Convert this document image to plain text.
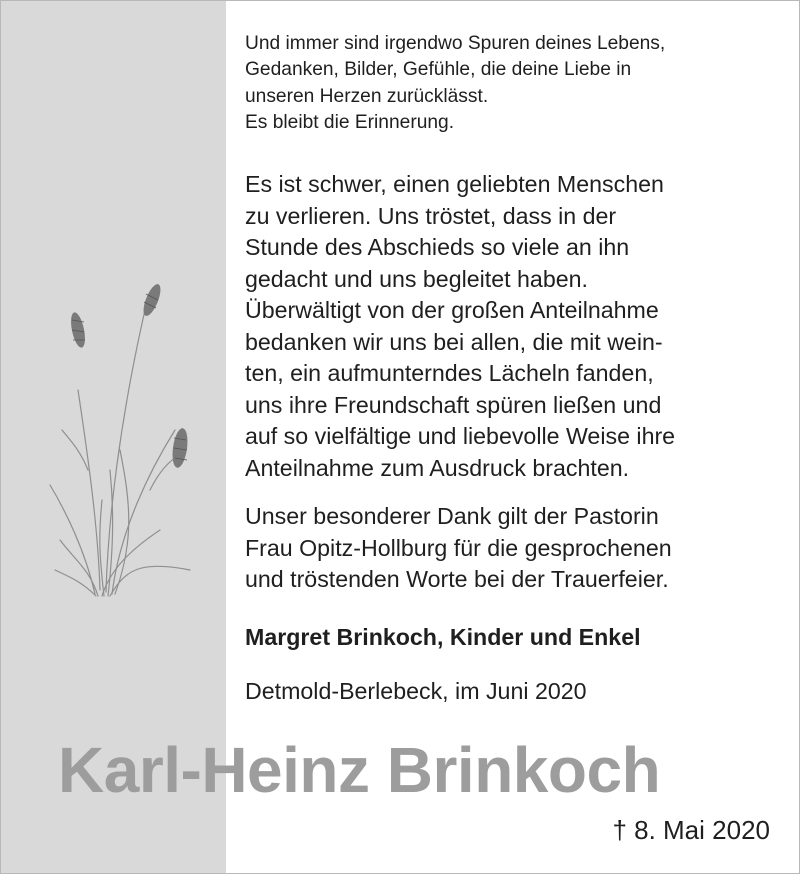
Und immer sind irgendwo Spuren deines Lebens,
Gedanken, Bilder, Gefühle, die deine Liebe in
unseren Herzen zurücklässt.
Es bleibt die Erinnerung.
Es ist schwer, einen geliebten Menschen
zu verlieren. Uns tröstet, dass in der
Stunde des Abschieds so viele an ihn
gedacht und uns begleitet haben.
Überwältigt von der großen Anteilnahme
bedanken wir uns bei allen, die mit wein-
ten, ein aufmunterndes Lächeln fanden,
uns ihre Freundschaft spüren ließen und
auf so vielfältige und liebevolle Weise ihre
Anteilnahme zum Ausdruck brachten.
Unser besonderer Dank gilt der Pastorin
Frau Opitz-Hollburg für die gesprochenen
und tröstenden Worte bei der Trauerfeier.
Margret Brinkoch, Kinder und Enkel
Detmold-Berlebeck, im Juni 2020
Karl-Heinz Brinkoch
† 8. Mai 2020
